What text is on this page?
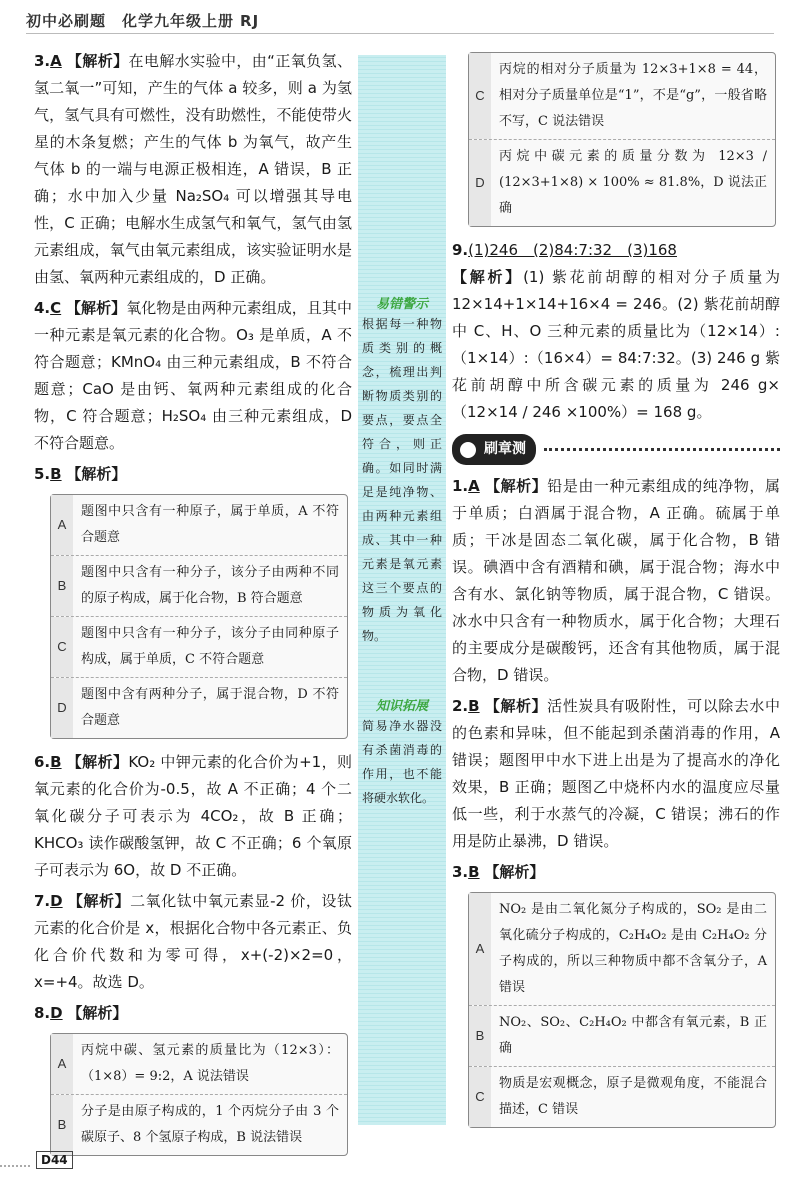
初中必刷题　化学九年级上册 RJ
易错警示
根据每一种物质类别的概念，梳理出判断物质类别的要点，要点全符合，则正确。如同时满足是纯净物、由两种元素组成、其中一种元素是氧元素这三个要点的物质为氧化物。
知识拓展
简易净水器没有杀菌消毒的作用，也不能将硬水软化。

3.A 【解析】在电解水实验中，由“正氧负氢、氢二氧一”可知，产生的气体 a 较多，则 a 为氢气，氢气具有可燃性，没有助燃性，不能使带火星的木条复燃；产生的气体 b 为氧气，故产生气体 b 的一端与电源正极相连，A 错误，B 正确；水中加入少量 Na₂SO₄ 可以增强其导电性，C 正确；电解水生成氢气和氧气，氢气由氢元素组成，氧气由氧元素组成，该实验证明水是由氢、氧两种元素组成的，D 正确。

4.C 【解析】氧化物是由两种元素组成，且其中一种元素是氧元素的化合物。O₃ 是单质，A 不符合题意；KMnO₄ 由三种元素组成，B 不符合题意；CaO 是由钙、氧两种元素组成的化合物，C 符合题意；H₂SO₄ 由三种元素组成，D 不符合题意。

5.B 【解析】

A
题图中只含有一种原子，属于单质，A 不符合题意
B
题图中只含有一种分子，该分子由两种不同的原子构成，属于化合物，B 符合题意
C
题图中只含有一种分子，该分子由同种原子构成，属于单质，C 不符合题意
D
题图中含有两种分子，属于混合物，D 不符合题意

6.B 【解析】KO₂ 中钾元素的化合价为+1，则氧元素的化合价为-0.5，故 A 不正确；4 个二氧化碳分子可表示为 4CO₂，故 B 正确；KHCO₃ 读作碳酸氢钾，故 C 不正确；6 个氧原子可表示为 6O，故 D 不正确。

7.D 【解析】二氧化钛中氧元素显-2 价，设钛元素的化合价是 x，根据化合物中各元素正、负化合价代数和为零可得，x+(-2)×2=0，x=+4。故选 D。

8.D 【解析】

A
丙烷中碳、氢元素的质量比为（12×3）：（1×8）= 9:2，A 说法错误
B
分子是由原子构成的，1 个丙烷分子由 3 个碳原子、8 个氢原子构成，B 说法错误
C
丙烷的相对分子质量为 12×3+1×8 = 44，相对分子质量单位是“1”，不是“g”，一般省略不写，C 说法错误
D
丙烷中碳元素的质量分数为 12×3 / (12×3+1×8) × 100% ≈ 81.8%，D 说法正确

9.(1)246　(2)84:7:32　(3)168
【解析】(1) 紫花前胡醇的相对分子质量为 12×14+1×14+16×4 = 246。(2) 紫花前胡醇中 C、H、O 三种元素的质量比为（12×14）:（1×14）:（16×4）= 84:7:32。(3) 246 g 紫花前胡醇中所含碳元素的质量为 246 g×（12×14 / 246 ×100%）= 168 g。

刷章测

1.A 【解析】铅是由一种元素组成的纯净物，属于单质；白酒属于混合物，A 正确。硫属于单质；干冰是固态二氧化碳，属于化合物，B 错误。碘酒中含有酒精和碘，属于混合物；海水中含有水、氯化钠等物质，属于混合物，C 错误。冰水中只含有一种物质水，属于化合物；大理石的主要成分是碳酸钙，还含有其他物质，属于混合物，D 错误。

2.B 【解析】活性炭具有吸附性，可以除去水中的色素和异味，但不能起到杀菌消毒的作用，A 错误；题图甲中水下进上出是为了提高水的净化效果，B 正确；题图乙中烧杯内水的温度应尽量低一些，利于水蒸气的冷凝，C 错误；沸石的作用是防止暴沸，D 错误。

3.B 【解析】

A
NO₂ 是由二氧化氮分子构成的，SO₂ 是由二氧化硫分子构成的，C₂H₄O₂ 是由 C₂H₄O₂ 分子构成的，所以三种物质中都不含氧分子，A 错误
B
NO₂、SO₂、C₂H₄O₂ 中都含有氧元素，B 正确
C
物质是宏观概念，原子是微观角度，不能混合描述，C 错误
D44
